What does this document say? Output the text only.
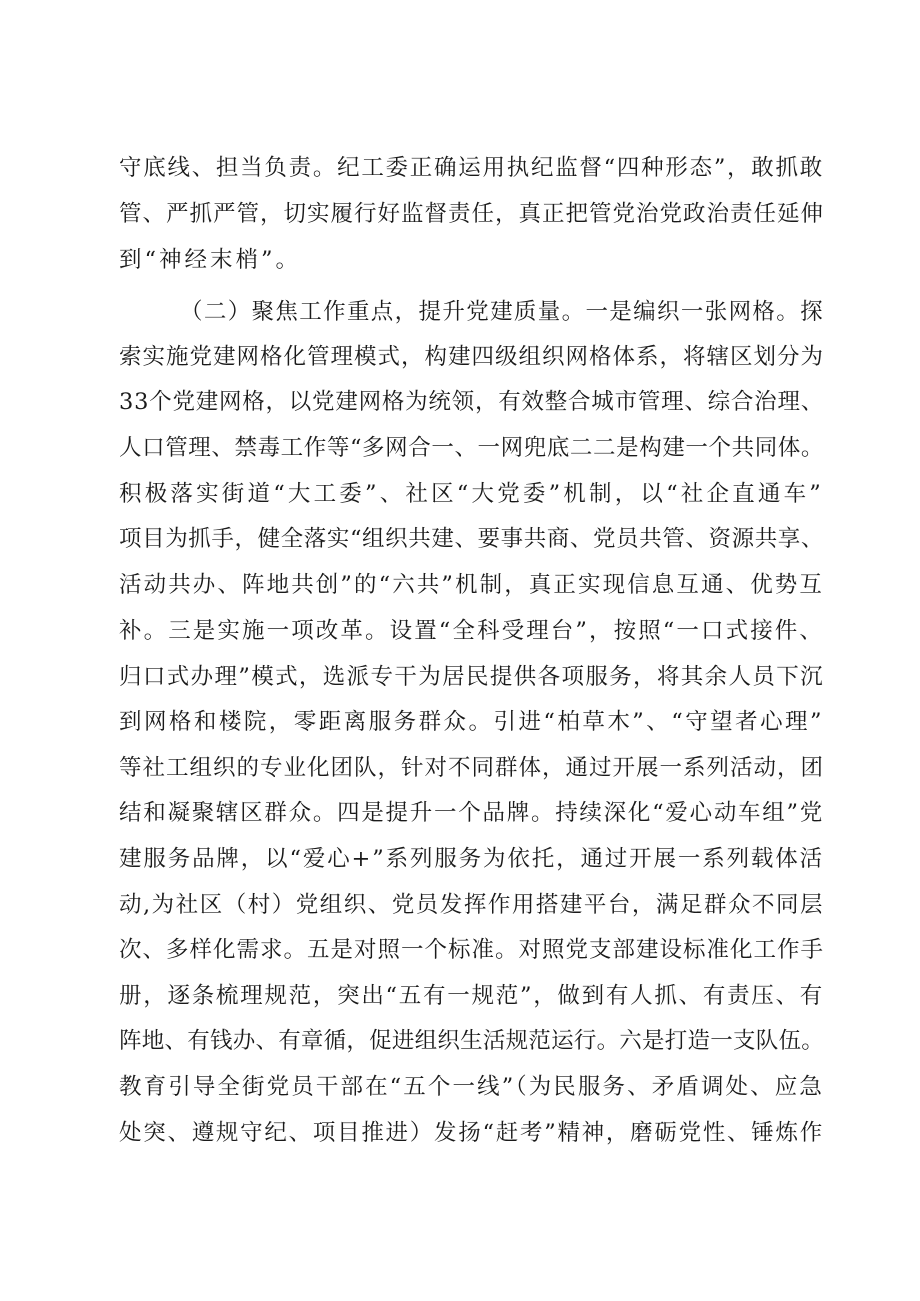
守底线、担当负责。纪工委正确运用执纪监督“四种形态”，敢抓敢
管、严抓严管，切实履行好监督责任，真正把管党治党政治责任延伸
到“神经末梢”。
（二）聚焦工作重点，提升党建质量。一是编织一张网格。探
索实施党建网格化管理模式，构建四级组织网格体系，将辖区划分为
33个党建网格，以党建网格为统领，有效整合城市管理、综合治理、
人口管理、禁毒工作等“多网合一、一网兜底二二是构建一个共同体。
积极落实街道“大工委”、社区“大党委”机制，以“社企直通车”
项目为抓手，健全落实“组织共建、要事共商、党员共管、资源共享、
活动共办、阵地共创”的“六共”机制，真正实现信息互通、优势互
补。三是实施一项改革。设置“全科受理台”，按照“一口式接件、
归口式办理”模式，选派专干为居民提供各项服务，将其余人员下沉
到网格和楼院，零距离服务群众。引进“柏草木”、“守望者心理”
等社工组织的专业化团队，针对不同群体，通过开展一系列活动，团
结和凝聚辖区群众。四是提升一个品牌。持续深化“爱心动车组”党
建服务品牌，以“爱心+”系列服务为依托，通过开展一系列载体活
动,为社区（村）党组织、党员发挥作用搭建平台，满足群众不同层
次、多样化需求。五是对照一个标准。对照党支部建设标准化工作手
册，逐条梳理规范，突出“五有一规范”，做到有人抓、有责压、有
阵地、有钱办、有章循，促进组织生活规范运行。六是打造一支队伍。
教育引导全街党员干部在“五个一线”（为民服务、矛盾调处、应急
处突、遵规守纪、项目推进）发扬“赶考”精神，磨砺党性、锤炼作
